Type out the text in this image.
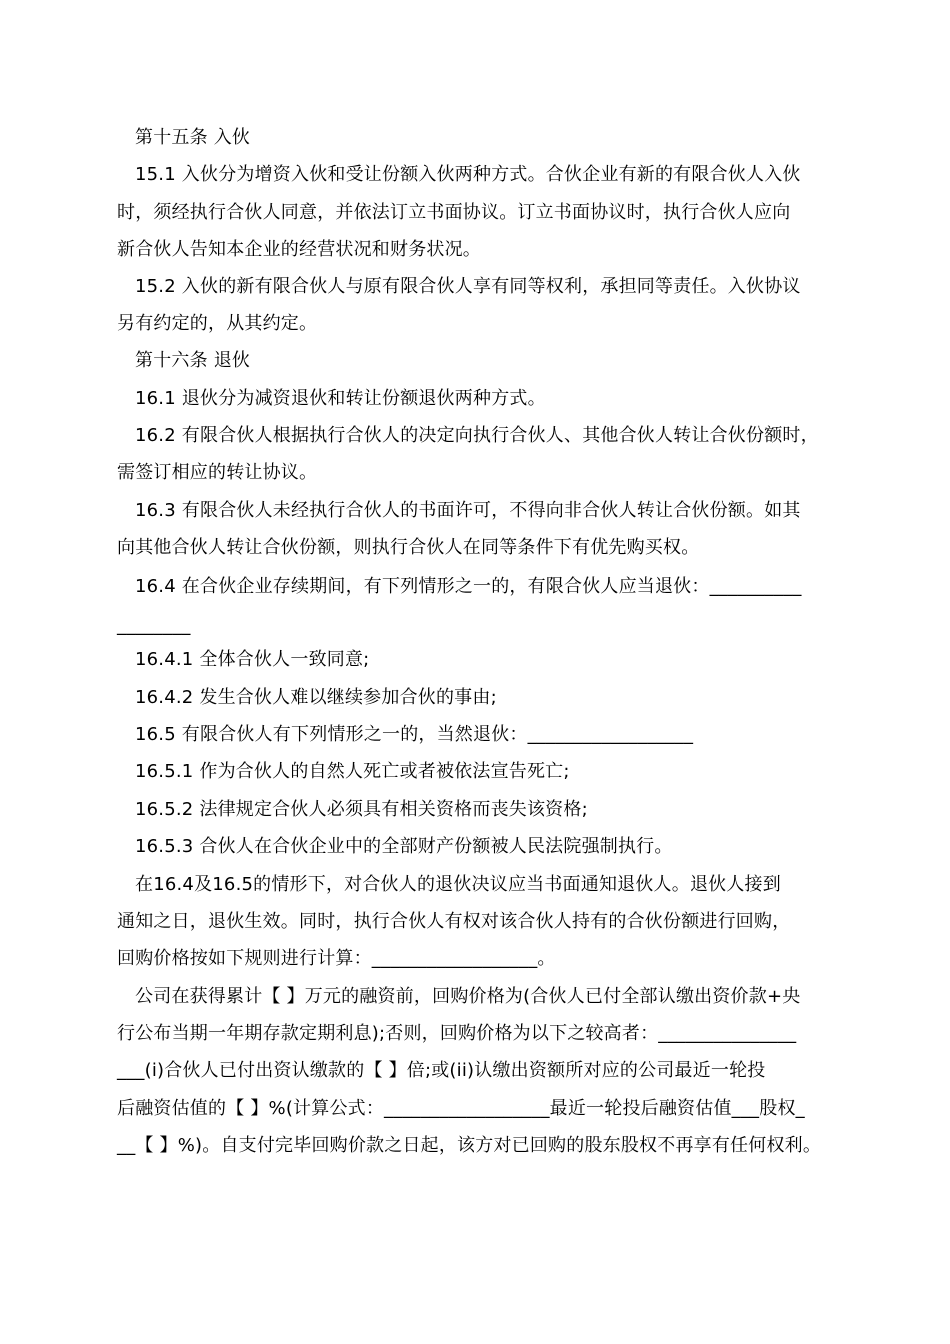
第十五条 入伙
15.1 入伙分为增资入伙和受让份额入伙两种方式。合伙企业有新的有限合伙人入伙
时，须经执行合伙人同意，并依法订立书面协议。订立书面协议时，执行合伙人应向
新合伙人告知本企业的经营状况和财务状况。
15.2 入伙的新有限合伙人与原有限合伙人享有同等权利，承担同等责任。入伙协议
另有约定的，从其约定。
第十六条 退伙
16.1 退伙分为减资退伙和转让份额退伙两种方式。
16.2 有限合伙人根据执行合伙人的决定向执行合伙人、其他合伙人转让合伙份额时，
需签订相应的转让协议。
16.3 有限合伙人未经执行合伙人的书面许可，不得向非合伙人转让合伙份额。如其
向其他合伙人转让合伙份额，则执行合伙人在同等条件下有优先购买权。
16.4 在合伙企业存续期间，有下列情形之一的，有限合伙人应当退伙：__________
________
16.4.1 全体合伙人一致同意;
16.4.2 发生合伙人难以继续参加合伙的事由;
16.5 有限合伙人有下列情形之一的，当然退伙：__________________
16.5.1 作为合伙人的自然人死亡或者被依法宣告死亡;
16.5.2 法律规定合伙人必须具有相关资格而丧失该资格;
16.5.3 合伙人在合伙企业中的全部财产份额被人民法院强制执行。
在16.4及16.5的情形下，对合伙人的退伙决议应当书面通知退伙人。退伙人接到
通知之日，退伙生效。同时，执行合伙人有权对该合伙人持有的合伙份额进行回购，
回购价格按如下规则进行计算：__________________。
公司在获得累计【 】万元的融资前，回购价格为(合伙人已付全部认缴出资价款+央
行公布当期一年期存款定期利息);否则，回购价格为以下之较高者：_______________
___(i)合伙人已付出资认缴款的【 】倍;或(ii)认缴出资额所对应的公司最近一轮投
后融资估值的【 】%(计算公式：__________________最近一轮投后融资估值___股权_
__【 】%)。自支付完毕回购价款之日起，该方对已回购的股东股权不再享有任何权利。
